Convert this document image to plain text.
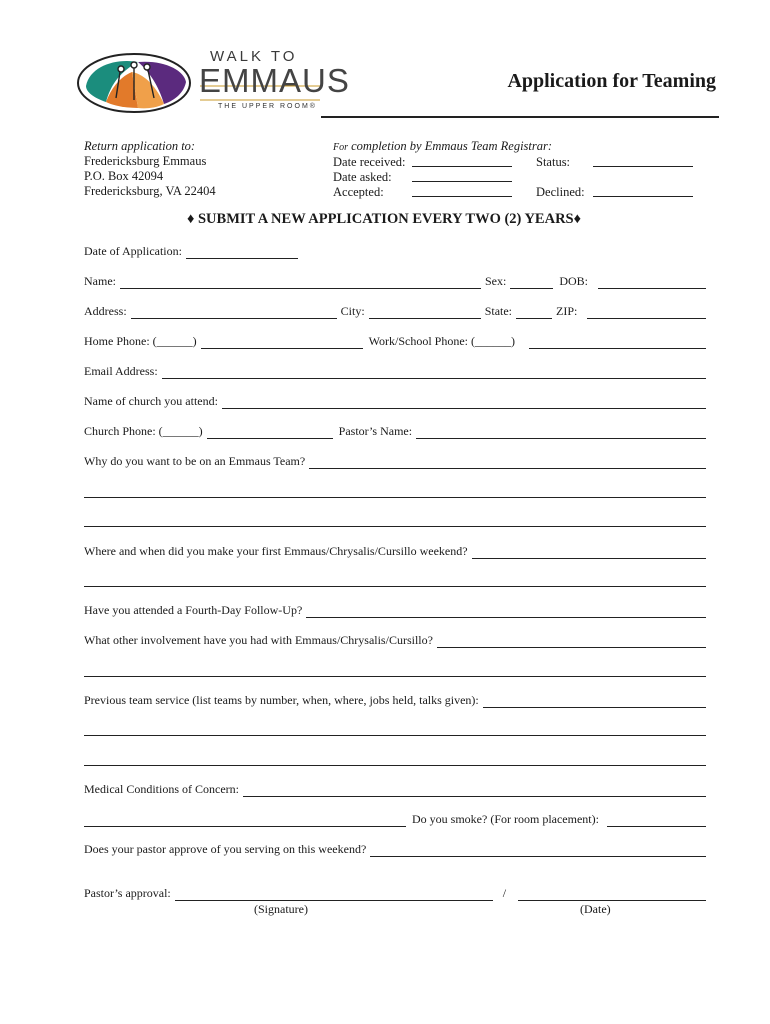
WALK TO
EMMAUS
THE UPPER ROOM®
Application for Teaming
Return application to:
Fredericksburg Emmaus
P.O. Box 42094
Fredericksburg, VA 22404
For completion by Emmaus Team Registrar:
Date received:	Status:
Date asked:
Accepted:	Declined:
♦ SUBMIT A NEW APPLICATION EVERY TWO (2) YEARS♦
Date of Application:
Name:	Sex:	DOB:
Address:	City:	State:	ZIP:
Home Phone: (______)	Work/School Phone: (______)
Email Address:
Name of church you attend:
Church Phone: (______)	Pastor’s Name:
Why do you want to be on an Emmaus Team?
Where and when did you make your first Emmaus/Chrysalis/Cursillo weekend?
Have you attended a Fourth-Day Follow-Up?
What other involvement have you had with Emmaus/Chrysalis/Cursillo?
Previous team service (list teams by number, when, where, jobs held, talks given):
Medical Conditions of Concern:
Do you smoke? (For room placement):
Does your pastor approve of you serving on this weekend?
Pastor’s approval:	/
(Signature)	(Date)
